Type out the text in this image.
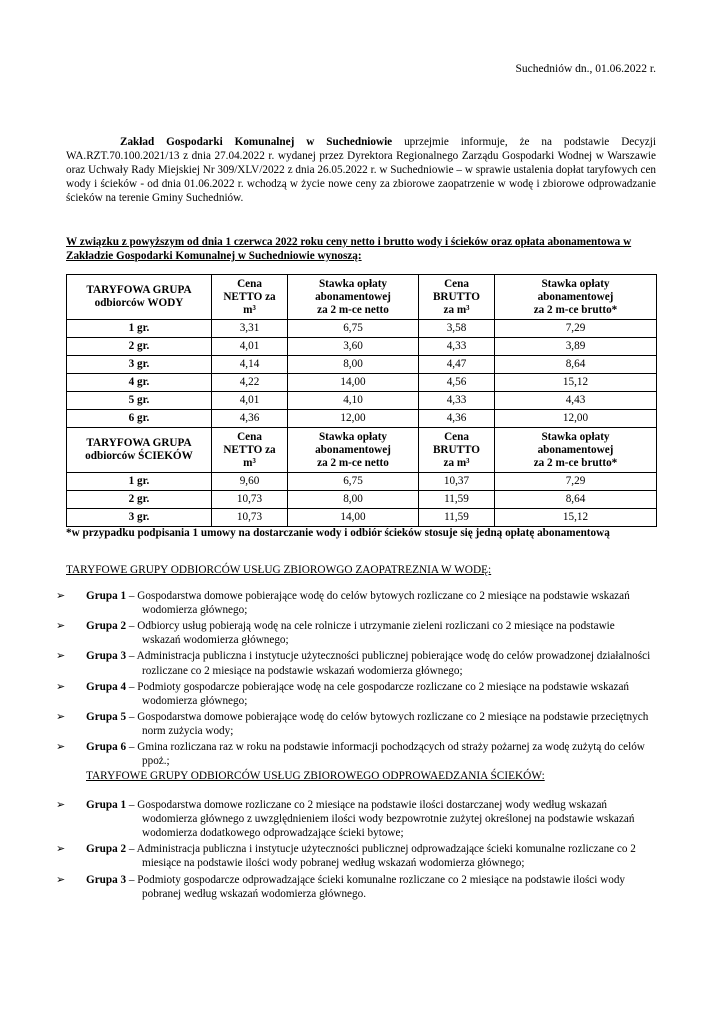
Suchedniów dn., 01.06.2022 r.

Zakład Gospodarki Komunalnej w Suchedniowie uprzejmie informuje, że na podstawie Decyzji WA.RZT.70.100.2021/13 z dnia 27.04.2022 r. wydanej przez Dyrektora Regionalnego Zarządu Gospodarki Wodnej w Warszawie oraz Uchwały Rady Miejskiej Nr 309/XLV/2022 z dnia 26.05.2022 r. w Suchedniowie – w sprawie ustalenia dopłat taryfowych cen wody i ścieków - od dnia 01.06.2022 r. wchodzą w życie nowe ceny za zbiorowe zaopatrzenie w wodę i zbiorowe odprowadzanie ścieków na terenie Gminy Suchedniów.

W związku z powyższym od dnia 1 czerwca 2022 roku ceny netto i brutto wody i ścieków oraz opłata abonamentowa w Zakładzie Gospodarki Komunalnej w Suchedniowie wynoszą:
TARYFOWA GRUPA
odbiorców WODY	Cena
NETTO za
m³	Stawka opłaty
abonamentowej
za 2 m-ce netto	Cena
BRUTTO
za m³	Stawka opłaty
abonamentowej
za 2 m-ce brutto*
1 gr.	3,31	6,75	3,58	7,29
2 gr.	4,01	3,60	4,33	3,89
3 gr.	4,14	8,00	4,47	8,64
4 gr.	4,22	14,00	4,56	15,12
5 gr.	4,01	4,10	4,33	4,43
6 gr.	4,36	12,00	4,36	12,00
TARYFOWA GRUPA
odbiorców ŚCIEKÓW	Cena
NETTO za
m³	Stawka opłaty
abonamentowej
za 2 m-ce netto	Cena
BRUTTO
za m³	Stawka opłaty
abonamentowej
za 2 m-ce brutto*
1 gr.	9,60	6,75	10,37	7,29
2 gr.	10,73	8,00	11,59	8,64
3 gr.	10,73	14,00	11,59	15,12
*w przypadku podpisania 1 umowy na dostarczanie wody i odbiór ścieków stosuje się jedną opłatę abonamentową
TARYFOWE GRUPY ODBIORCÓW USŁUG ZBIOROWGO ZAOPATREZNIA W WODĘ:
➢	Grupa 1 – Gospodarstwa domowe pobierające wodę do celów bytowych rozliczane co 2 miesiące na podstawie wskazań wodomierza głównego;
➢	Grupa 2 – Odbiorcy usług pobierają wodę na cele rolnicze i utrzymanie zieleni rozliczani co 2 miesiące na podstawie wskazań wodomierza głównego;
➢	Grupa 3 – Administracja publiczna i instytucje użyteczności publicznej pobierające wodę do celów prowadzonej działalności rozliczane co 2 miesiące na podstawie wskazań wodomierza głównego;
➢	Grupa 4 – Podmioty gospodarcze pobierające wodę na cele gospodarcze rozliczane co 2 miesiące na podstawie wskazań wodomierza głównego;
➢	Grupa 5 – Gospodarstwa domowe pobierające wodę do celów bytowych rozliczane co 2 miesiące na podstawie przeciętnych norm zużycia wody;
➢	Grupa 6 – Gmina rozliczana raz w roku na podstawie informacji pochodzących od straży pożarnej za wodę zużytą do celów ppoż.;
TARYFOWE GRUPY ODBIORCÓW USŁUG ZBIOROWEGO ODPROWAEDZANIA ŚCIEKÓW:
➢	Grupa 1 – Gospodarstwa domowe rozliczane co 2 miesiące na podstawie ilości dostarczanej wody według wskazań wodomierza głównego z uwzględnieniem ilości wody bezpowrotnie zużytej określonej na podstawie wskazań wodomierza dodatkowego odprowadzające ścieki bytowe;
➢	Grupa 2 – Administracja publiczna i instytucje użyteczności publicznej odprowadzające ścieki komunalne rozliczane co 2 miesiące na podstawie ilości wody pobranej według wskazań wodomierza głównego;
➢	Grupa 3 – Podmioty gospodarcze odprowadzające ścieki komunalne rozliczane co 2 miesiące na podstawie ilości wody pobranej według wskazań wodomierza głównego.
